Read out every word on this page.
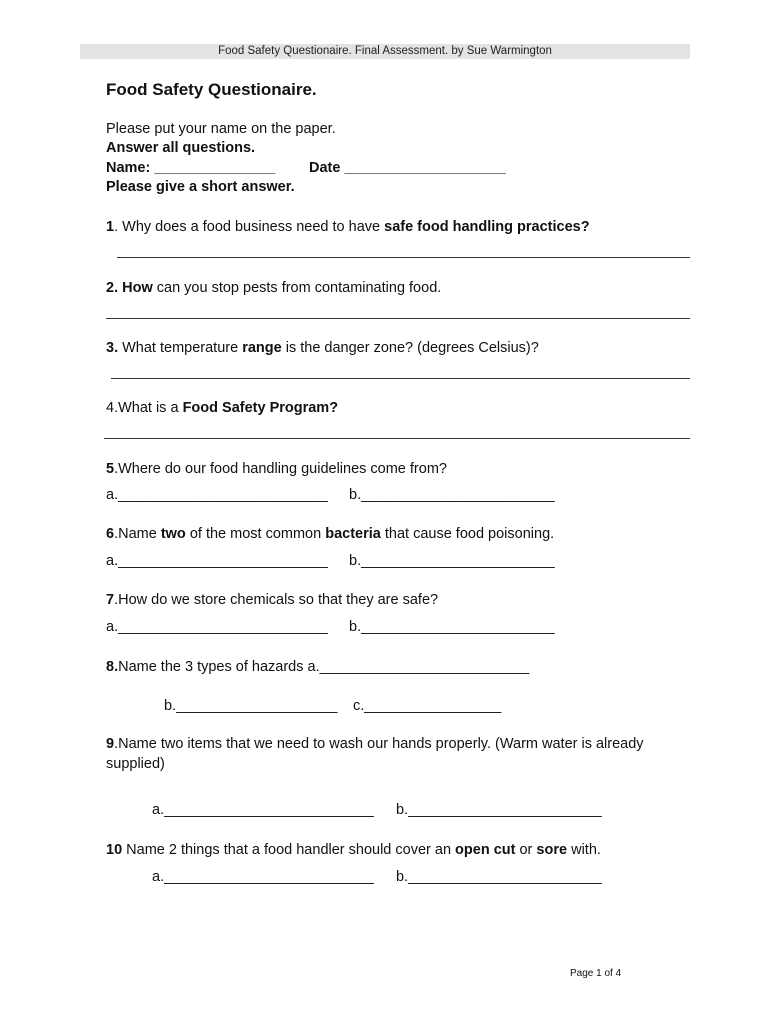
Food Safety Questionaire. Final Assessment. by Sue Warmington
Food Safety Questionaire.
Please put your name on the paper.
Answer all questions.
Name: _______________ Date ____________________
Please give a short answer.
1. Why does a food business need to have safe food handling practices?
2. How can you stop pests from contaminating food.
3. What temperature range is the danger zone? (degrees Celsius)?
4.What is a Food Safety Program?
5.Where do our food handling guidelines come from?
a.__________________________ b.________________________
6.Name two of the most common bacteria that cause food poisoning.
a.__________________________ b.________________________
7.How do we store chemicals so that they are safe?
a.__________________________ b.________________________
8.Name the 3 types of hazards a.__________________________
b.____________________ c._________________
9.Name two items that we need to wash our hands properly. (Warm water is already
supplied)
a.__________________________ b.________________________
10 Name 2 things that a food handler should cover an open cut or sore with.
a.__________________________ b.________________________
Page 1 of 4
